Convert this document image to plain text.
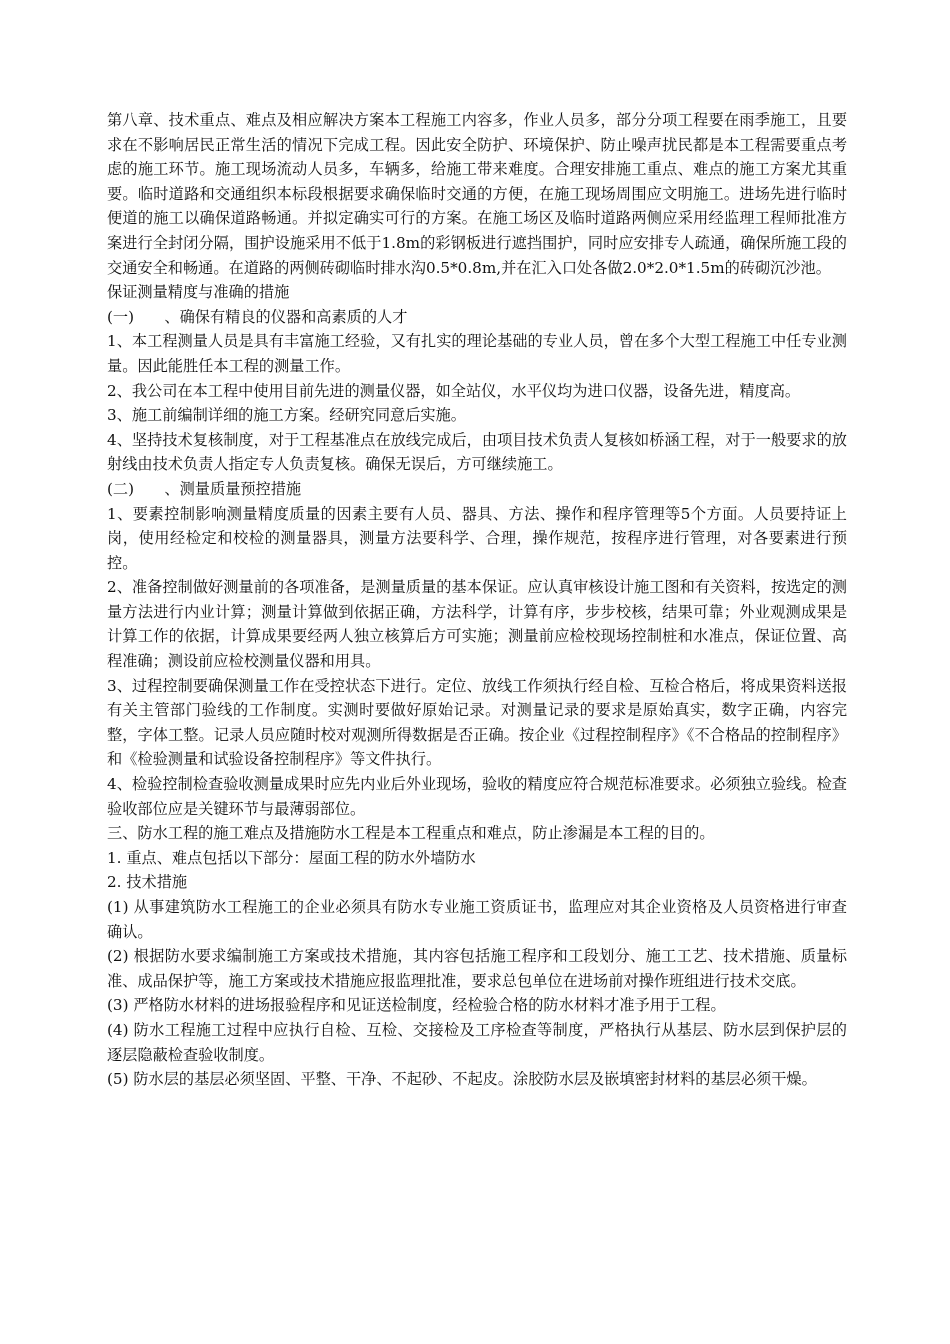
第八章、技术重点、难点及相应解决方案本工程施工内容多，作业人员多，部分分项工程要在雨季施工，且要求在不影响居民正常生活的情况下完成工程。因此安全防护、环境保护、防止噪声扰民都是本工程需要重点考虑的施工环节。施工现场流动人员多，车辆多，给施工带来难度。合理安排施工重点、难点的施工方案尤其重要。临时道路和交通组织本标段根据要求确保临时交通的方便，在施工现场周围应文明施工。进场先进行临时便道的施工以确保道路畅通。并拟定确实可行的方案。在施工场区及临时道路两侧应采用经监理工程师批准方案进行全封闭分隔，围护设施采用不低于1.8m的彩钢板进行遮挡围护，同时应安排专人疏通，确保所施工段的交通安全和畅通。在道路的两侧砖砌临时排水沟0.5*0.8m,并在汇入口处各做2.0*2.0*1.5m的砖砌沉沙池。

保证测量精度与准确的措施

(一)　　、确保有精良的仪器和高素质的人才

1、本工程测量人员是具有丰富施工经验，又有扎实的理论基础的专业人员，曾在多个大型工程施工中任专业测量。因此能胜任本工程的测量工作。

2、我公司在本工程中使用目前先进的测量仪器，如全站仪，水平仪均为进口仪器，设备先进，精度高。

3、施工前编制详细的施工方案。经研究同意后实施。

4、坚持技术复核制度，对于工程基准点在放线完成后，由项目技术负责人复核如桥涵工程，对于一般要求的放射线由技术负责人指定专人负责复核。确保无误后，方可继续施工。

(二)　　、测量质量预控措施

1、要素控制影响测量精度质量的因素主要有人员、器具、方法、操作和程序管理等5个方面。人员要持证上岗，使用经检定和校检的测量器具，测量方法要科学、合理，操作规范，按程序进行管理，对各要素进行预控。

2、准备控制做好测量前的各项准备，是测量质量的基本保证。应认真审核设计施工图和有关资料，按选定的测量方法进行内业计算；测量计算做到依据正确，方法科学，计算有序，步步校核，结果可靠；外业观测成果是计算工作的依据，计算成果要经两人独立核算后方可实施；测量前应检校现场控制桩和水准点，保证位置、高程准确；测设前应检校测量仪器和用具。

3、过程控制要确保测量工作在受控状态下进行。定位、放线工作须执行经自检、互检合格后，将成果资料送报有关主管部门验线的工作制度。实测时要做好原始记录。对测量记录的要求是原始真实，数字正确，内容完整，字体工整。记录人员应随时校对观测所得数据是否正确。按企业《过程控制程序》《不合格品的控制程序》和《检验测量和试验设备控制程序》等文件执行。

4、检验控制检查验收测量成果时应先内业后外业现场，验收的精度应符合规范标准要求。必须独立验线。检查验收部位应是关键环节与最薄弱部位。

三、防水工程的施工难点及措施防水工程是本工程重点和难点，防止渗漏是本工程的目的。

1. 重点、难点包括以下部分：屋面工程的防水外墙防水

2. 技术措施

(1) 从事建筑防水工程施工的企业必须具有防水专业施工资质证书，监理应对其企业资格及人员资格进行审查确认。

(2) 根据防水要求编制施工方案或技术措施，其内容包括施工程序和工段划分、施工工艺、技术措施、质量标准、成品保护等，施工方案或技术措施应报监理批准，要求总包单位在进场前对操作班组进行技术交底。

(3) 严格防水材料的进场报验程序和见证送检制度，经检验合格的防水材料才准予用于工程。

(4) 防水工程施工过程中应执行自检、互检、交接检及工序检查等制度，严格执行从基层、防水层到保护层的逐层隐蔽检查验收制度。

(5) 防水层的基层必须坚固、平整、干净、不起砂、不起皮。涂胶防水层及嵌填密封材料的基层必须干燥。
